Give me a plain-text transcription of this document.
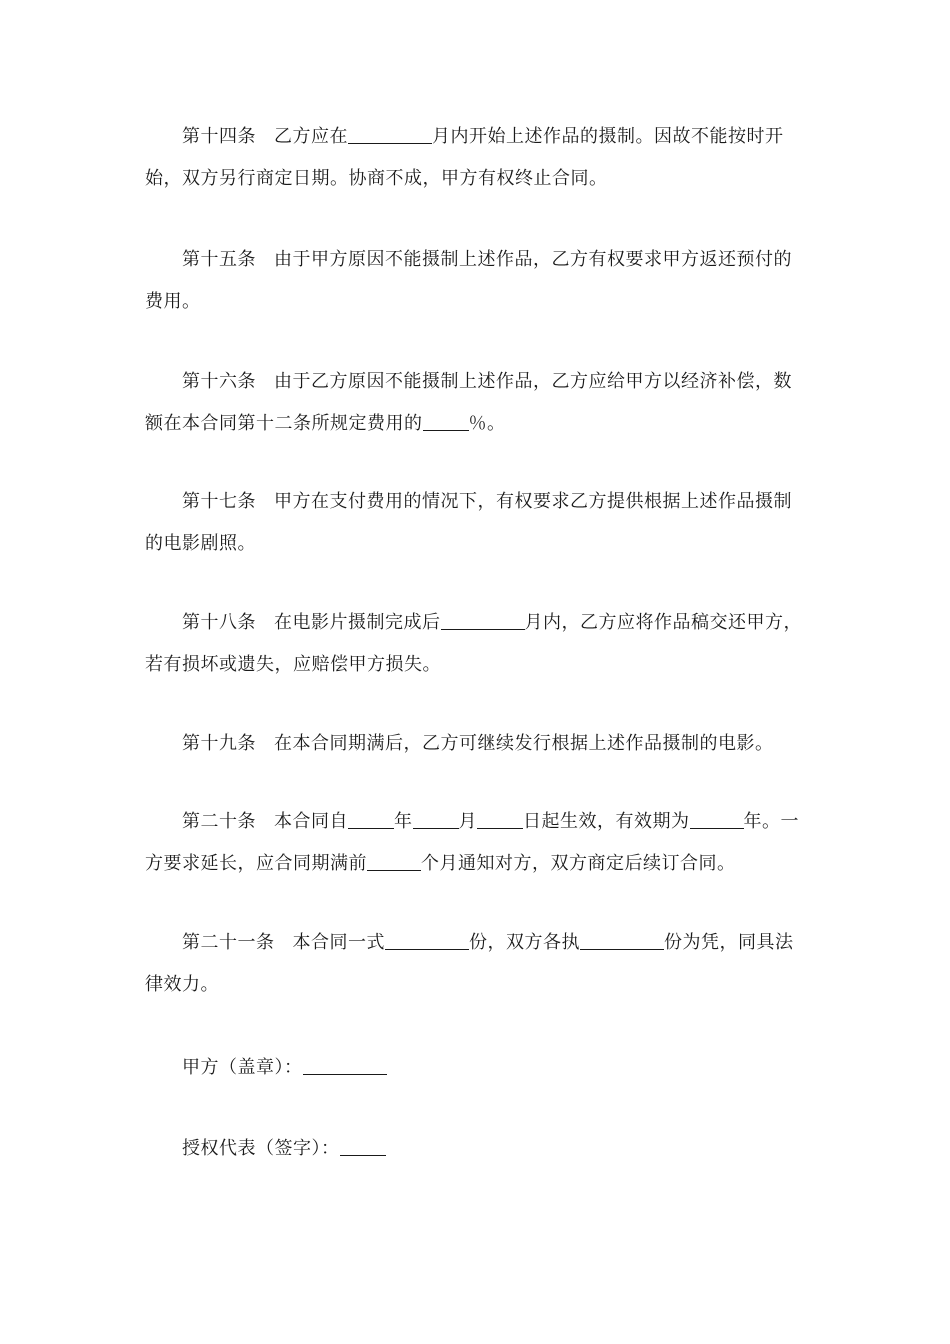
第十四条 乙方应在	月内开始上述作品的摄制。因故不能按时开始，双方另行商定日期。协商不成，甲方有权终止合同。

第十五条 由于甲方原因不能摄制上述作品，乙方有权要求甲方返还预付的费用。

第十六条 由于乙方原因不能摄制上述作品，乙方应给甲方以经济补偿，数额在本合同第十二条所规定费用的	％。

第十七条 甲方在支付费用的情况下，有权要求乙方提供根据上述作品摄制的电影剧照。

第十八条 在电影片摄制完成后	月内，乙方应将作品稿交还甲方，若有损坏或遗失，应赔偿甲方损失。

第十九条 在本合同期满后，乙方可继续发行根据上述作品摄制的电影。

第二十条 本合同自	年	月	日起生效，有效期为	年。一方要求延长，应合同期满前	个月通知对方，双方商定后续订合同。

第二十一条 本合同一式	份，双方各执	份为凭，同具法律效力。

甲方（盖章）：

授权代表（签字）：
